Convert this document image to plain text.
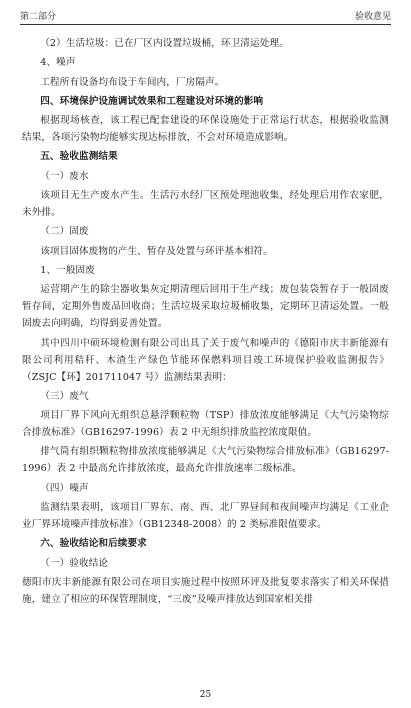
第二部分	验收意见

（2）生活垃圾：已在厂区内设置垃圾桶，环卫清运处理。

4、噪声

工程所有设备均布设于车间内，厂房隔声。

四、环境保护设施调试效果和工程建设对环境的影响

根据现场核查，该工程已配套建设的环保设施处于正常运行状态，根据验收监测结果，各项污染物均能够实现达标排放，不会对环境造成影响。

五、验收监测结果

（一）废水

该项目无生产废水产生。生活污水经厂区预处理池收集，经处理后用作农家肥，未外排。

（二）固废

该项目固体废物的产生、暂存及处置与环评基本相符。

1、一般固废

运营期产生的除尘器收集灰定期清理后回用于生产线；废包装袋暂存于一般固废暂存间，定期外售废品回收商；生活垃圾采取垃圾桶收集，定期环卫清运处置。一般固废去向明确，均得到妥善处置。

其中四川中硕环境检测有限公司出具了关于废气和噪声的《德阳市庆丰新能源有限公司利用秸秆、木渣生产绿色节能环保燃料项目竣工环境保护验收监测报告》（ZSJC【环】201711047 号）监测结果表明：

（三）废气

项目厂界下风向无组织总悬浮颗粒物（TSP）排放浓度能够满足《大气污染物综合排放标准》（GB16297-1996）表 2 中无组织排放监控浓度限值。

排气筒有组织颗粒物排放浓度能够满足《大气污染物综合排放标准》（GB16297-1996）表 2 中最高允许排放浓度，最高允许排放速率二级标准。

（四）噪声

监测结果表明，该项目厂界东、南、西、北厂界昼间和夜间噪声均满足《工业企业厂界环境噪声排放标准》（GB12348-2008）的 2 类标准限值要求。

六、验收结论和后续要求

（一）验收结论

德阳市庆丰新能源有限公司在项目实施过程中按照环评及批复要求落实了相关环保措施，建立了相应的环保管理制度，“三废”及噪声排放达到国家相关排

25
